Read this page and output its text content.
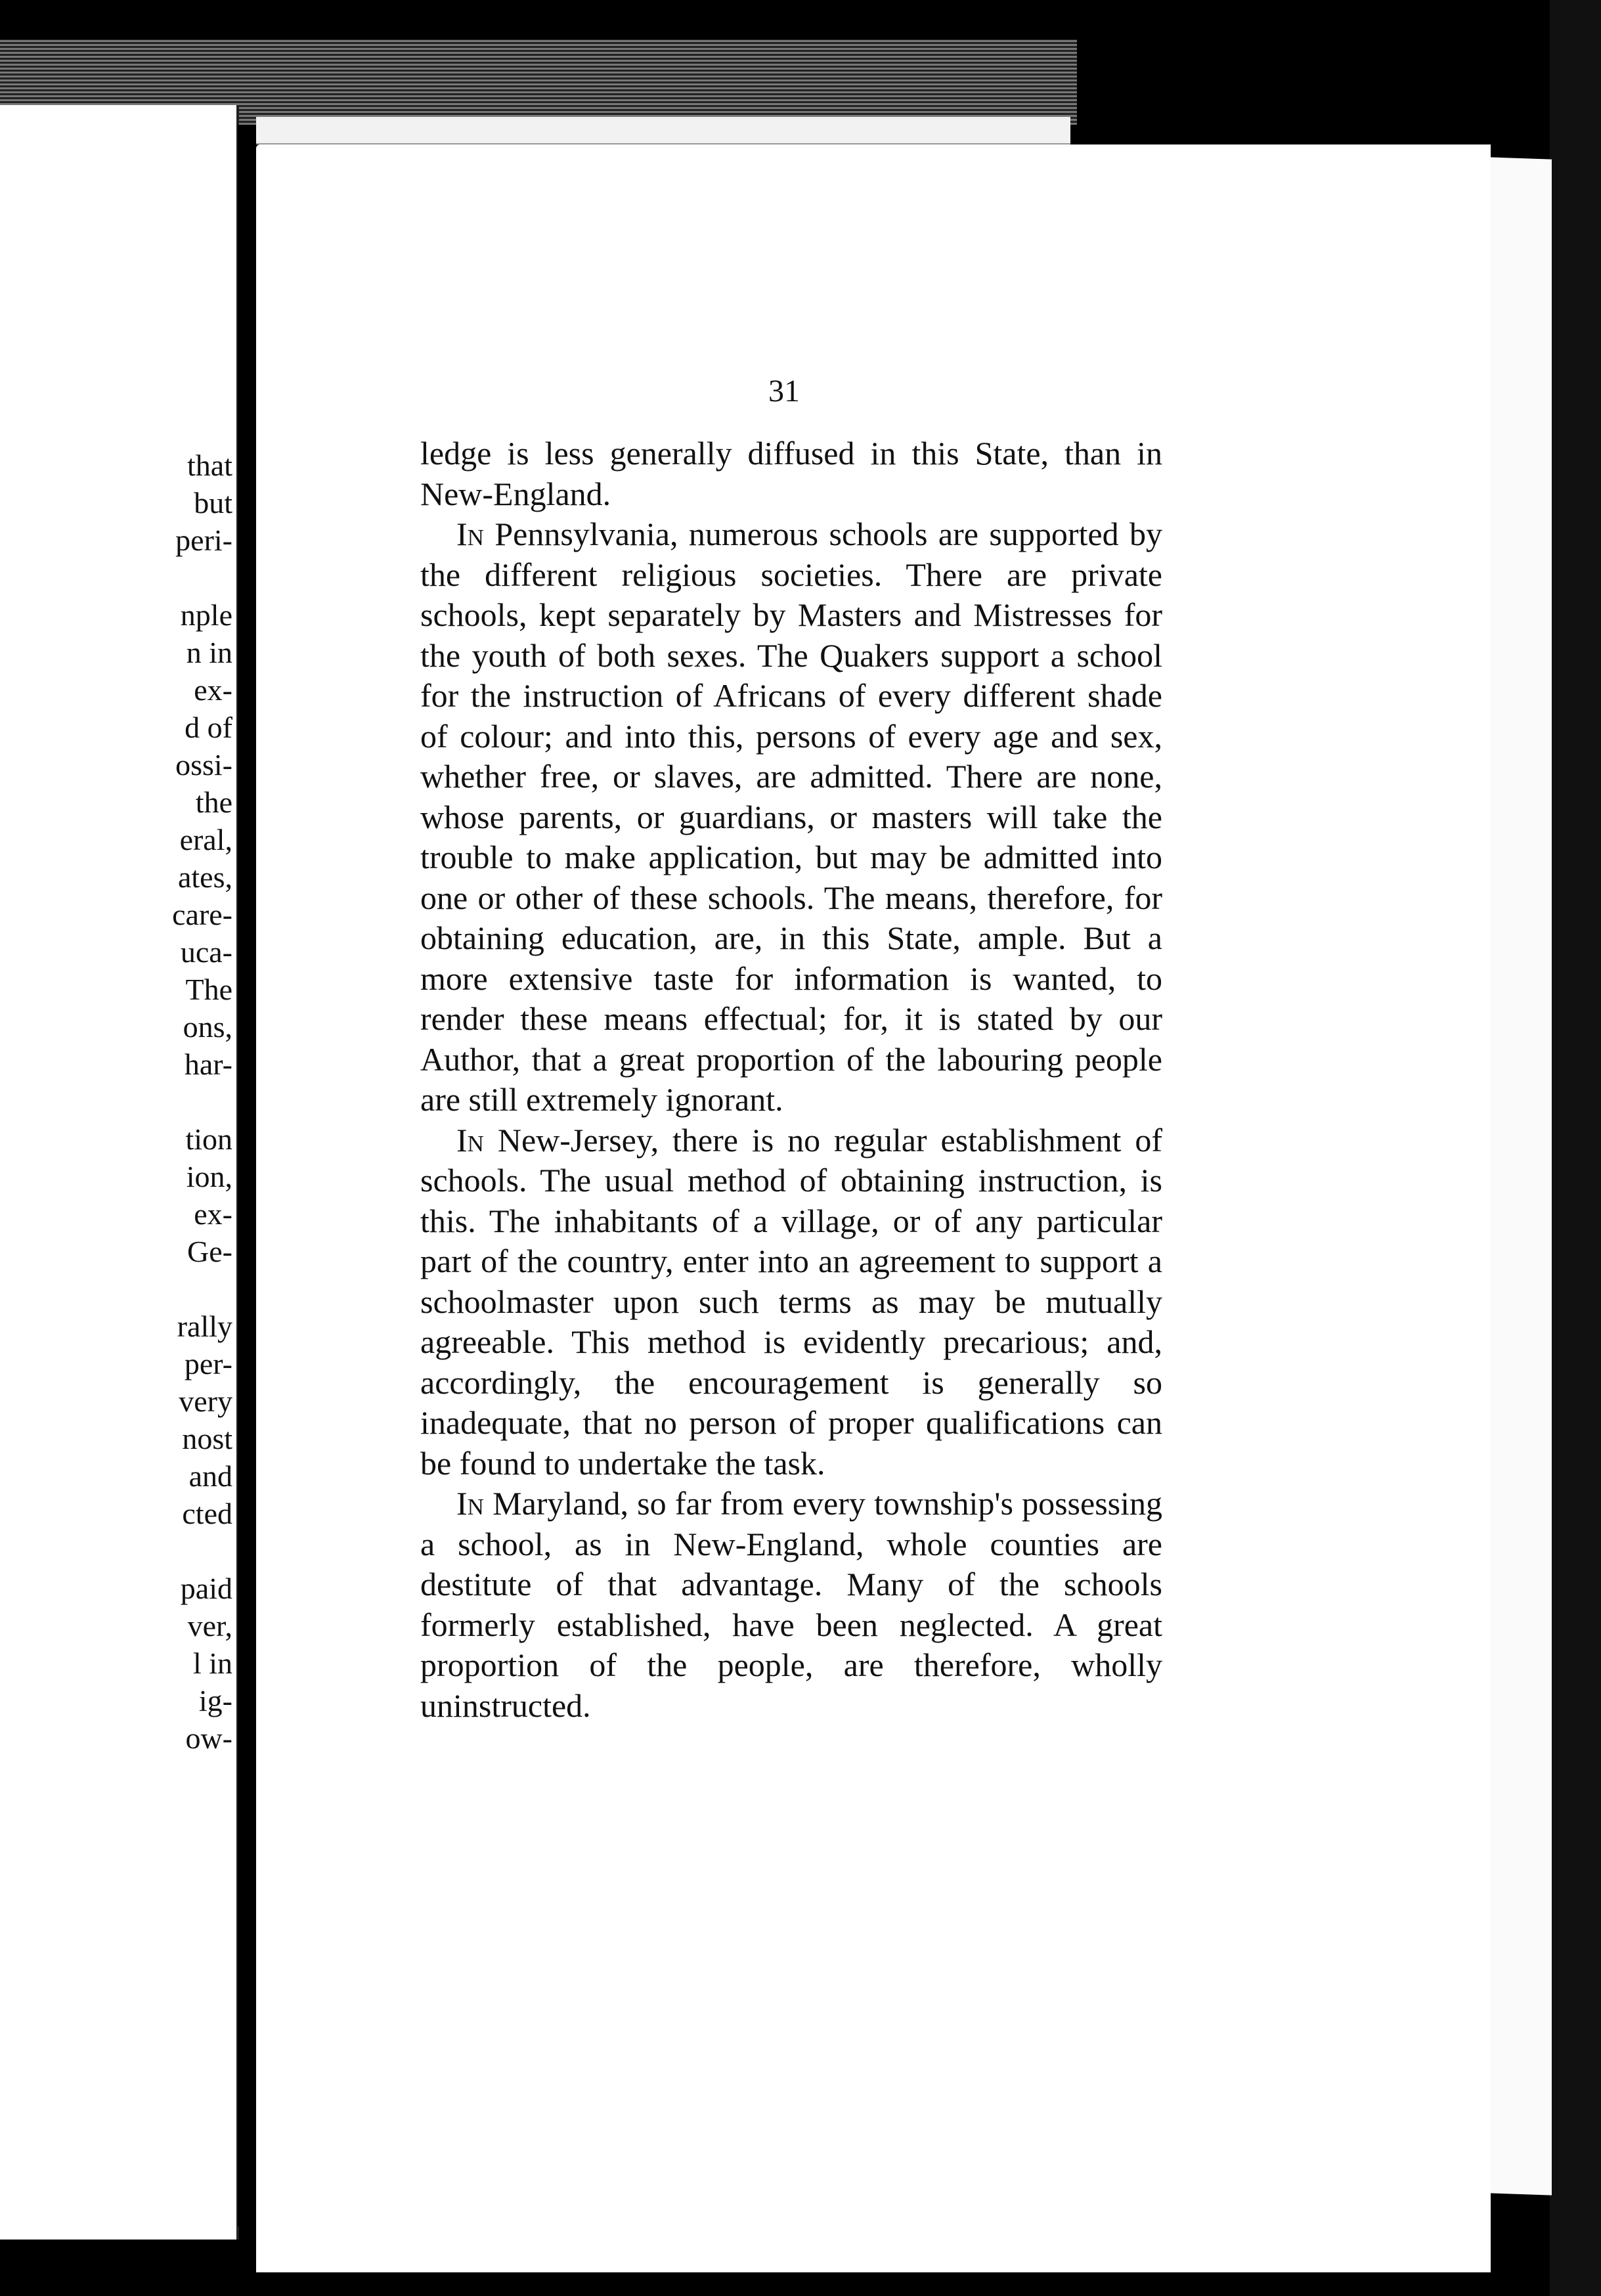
that
but
peri-
nple
n in
ex-
d of
ossi-
the
eral,
ates,
care-
uca-
The
ons,
har-
tion
ion,
ex-
Ge-
rally
per-
very
nost
and
cted
paid
ver,
l in
ig-
ow-
31

ledge is less generally diffused in this State, than in New-England.

In Pennsylvania, numerous schools are supported by the different religious societies. There are private schools, kept separately by Masters and Mistresses for the youth of both sexes. The Quakers support a school for the instruction of Africans of every different shade of colour; and into this, persons of every age and sex, whether free, or slaves, are admitted. There are none, whose parents, or guardians, or masters will take the trouble to make application, but may be admitted into one or other of these schools. The means, therefore, for obtaining education, are, in this State, ample. But a more extensive taste for information is wanted, to render these means effectual; for, it is stated by our Author, that a great proportion of the labouring people are still extremely ignorant.

In New-Jersey, there is no regular establishment of schools. The usual method of obtaining instruction, is this. The inhabitants of a village, or of any particular part of the country, enter into an agreement to support a schoolmaster upon such terms as may be mutually agreeable. This method is evidently precarious; and, accordingly, the encouragement is generally so inadequate, that no person of proper qualifications can be found to undertake the task.

In Maryland, so far from every township's possessing a school, as in New-England, whole counties are destitute of that advantage. Many of the schools formerly established, have been neglected. A great proportion of the people, are therefore, wholly uninstructed.
